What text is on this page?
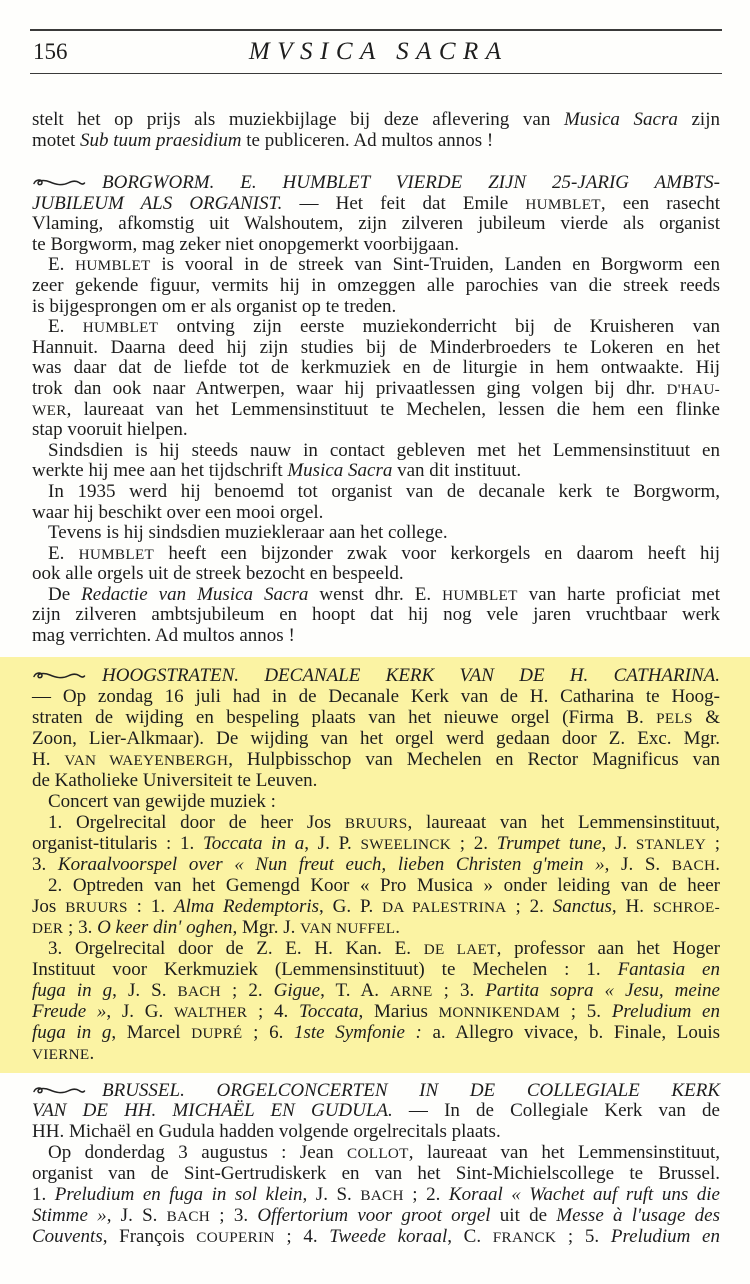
156	MVSICA SACRA
stelt het op prijs als muziekbijlage bij deze aflevering van Musica Sacra zijn
motet Sub tuum praesidium te publiceren. Ad multos annos !
BORGWORM. E. HUMBLET VIERDE ZIJN 25-JARIG AMBTS-
JUBILEUM ALS ORGANIST. — Het feit dat Emile HUMBLET, een rasecht
Vlaming, afkomstig uit Walshoutem, zijn zilveren jubileum vierde als organist
te Borgworm, mag zeker niet onopgemerkt voorbijgaan.
E. HUMBLET is vooral in de streek van Sint-Truiden, Landen en Borgworm een
zeer gekende figuur, vermits hij in omzeggen alle parochies van die streek reeds
is bijgesprongen om er als organist op te treden.
E. HUMBLET ontving zijn eerste muziekonderricht bij de Kruisheren van
Hannuit. Daarna deed hij zijn studies bij de Minderbroeders te Lokeren en het
was daar dat de liefde tot de kerkmuziek en de liturgie in hem ontwaakte. Hij
trok dan ook naar Antwerpen, waar hij privaatlessen ging volgen bij dhr. D'HAU-
WER, laureaat van het Lemmensinstituut te Mechelen, lessen die hem een flinke
stap vooruit hielpen.
Sindsdien is hij steeds nauw in contact gebleven met het Lemmensinstituut en
werkte hij mee aan het tijdschrift Musica Sacra van dit instituut.
In 1935 werd hij benoemd tot organist van de decanale kerk te Borgworm,
waar hij beschikt over een mooi orgel.
Tevens is hij sindsdien muziekleraar aan het college.
E. HUMBLET heeft een bijzonder zwak voor kerkorgels en daarom heeft hij
ook alle orgels uit de streek bezocht en bespeeld.
De Redactie van Musica Sacra wenst dhr. E. HUMBLET van harte proficiat met
zijn zilveren ambtsjubileum en hoopt dat hij nog vele jaren vruchtbaar werk
mag verrichten. Ad multos annos !
HOOGSTRATEN. DECANALE KERK VAN DE H. CATHARINA.
— Op zondag 16 juli had in de Decanale Kerk van de H. Catharina te Hoog-
straten de wijding en bespeling plaats van het nieuwe orgel (Firma B. PELS &
Zoon, Lier-Alkmaar). De wijding van het orgel werd gedaan door Z. Exc. Mgr.
H. VAN WAEYENBERGH, Hulpbisschop van Mechelen en Rector Magnificus van
de Katholieke Universiteit te Leuven.
Concert van gewijde muziek :
1. Orgelrecital door de heer Jos BRUURS, laureaat van het Lemmensinstituut,
organist-titularis : 1. Toccata in a, J. P. SWEELINCK ; 2. Trumpet tune, J. STANLEY ;
3. Koraalvoorspel over « Nun freut euch, lieben Christen g'mein », J. S. BACH.
2. Optreden van het Gemengd Koor « Pro Musica » onder leiding van de heer
Jos BRUURS : 1. Alma Redemptoris, G. P. DA PALESTRINA ; 2. Sanctus, H. SCHROE-
DER ; 3. O keer din' oghen, Mgr. J. VAN NUFFEL.
3. Orgelrecital door de Z. E. H. Kan. E. DE LAET, professor aan het Hoger
Instituut voor Kerkmuziek (Lemmensinstituut) te Mechelen : 1. Fantasia en
fuga in g, J. S. BACH ; 2. Gigue, T. A. ARNE ; 3. Partita sopra « Jesu, meine
Freude », J. G. WALTHER ; 4. Toccata, Marius MONNIKENDAM ; 5. Preludium en
fuga in g, Marcel DUPRÉ ; 6. 1ste Symfonie : a. Allegro vivace, b. Finale, Louis
VIERNE.
BRUSSEL. ORGELCONCERTEN IN DE COLLEGIALE KERK
VAN DE HH. MICHAËL EN GUDULA. — In de Collegiale Kerk van de
HH. Michaël en Gudula hadden volgende orgelrecitals plaats.
Op donderdag 3 augustus : Jean COLLOT, laureaat van het Lemmensinstituut,
organist van de Sint-Gertrudiskerk en van het Sint-Michielscollege te Brussel.
1. Preludium en fuga in sol klein, J. S. BACH ; 2. Koraal « Wachet auf ruft uns die
Stimme », J. S. BACH ; 3. Offertorium voor groot orgel uit de Messe à l'usage des
Couvents, François COUPERIN ; 4. Tweede koraal, C. FRANCK ; 5. Preludium en
